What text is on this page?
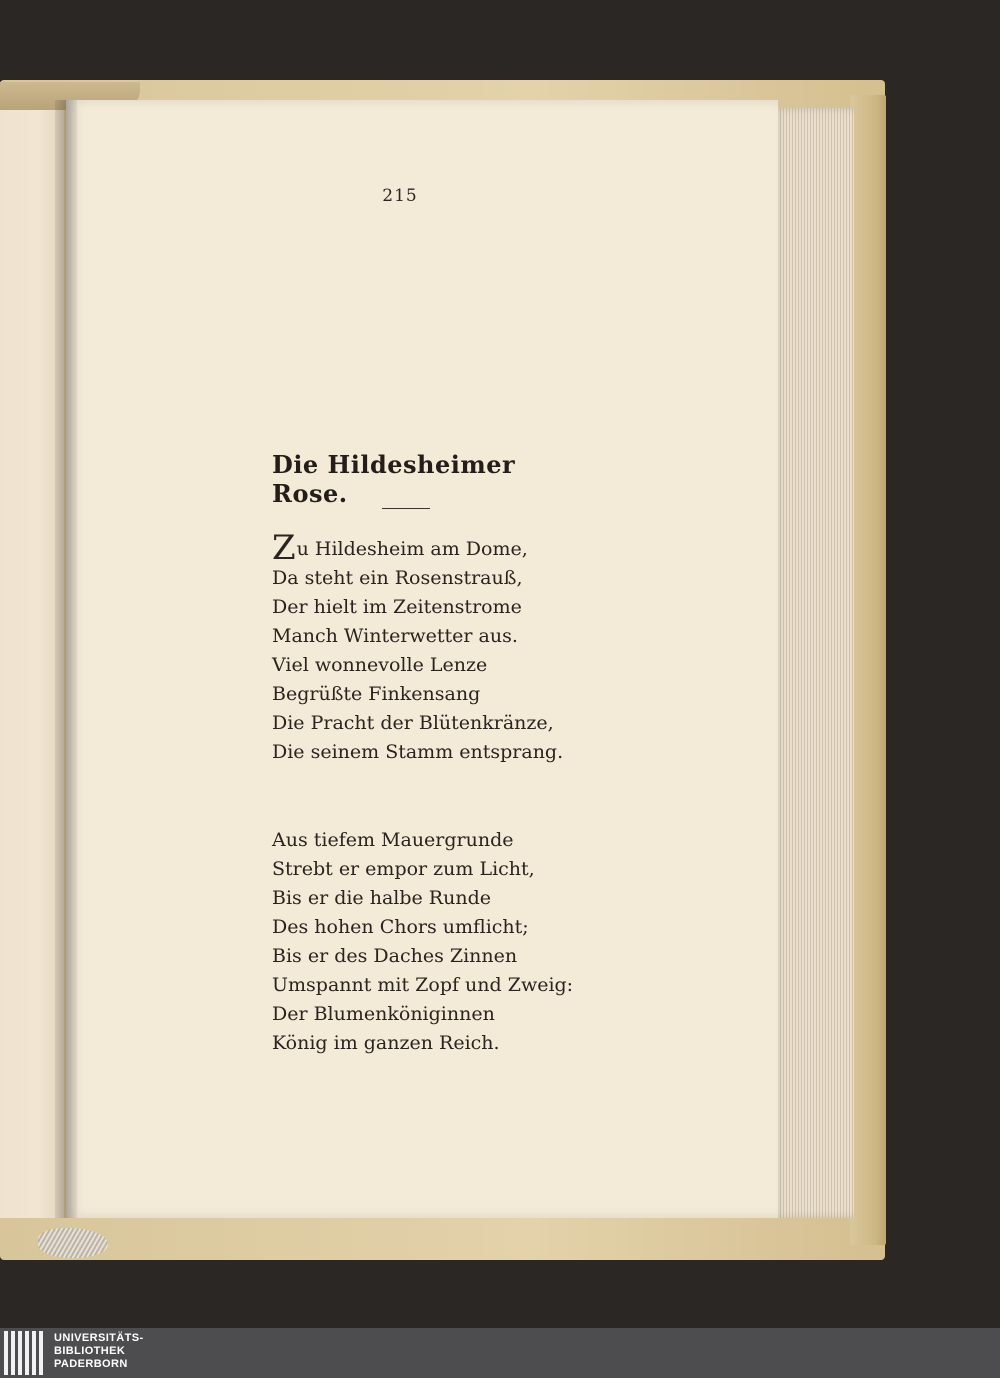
215
Die Hildesheimer Rose.
Zu Hildesheim am Dome,
Da steht ein Rosenstrauß,
Der hielt im Zeitenstrome
Manch Winterwetter aus.
Viel wonnevolle Lenze
Begrüßte Finkensang
Die Pracht der Blütenkränze,
Die seinem Stamm entsprang.
Aus tiefem Mauergrunde
Strebt er empor zum Licht,
Bis er die halbe Runde
Des hohen Chors umflicht;
Bis er des Daches Zinnen
Umspannt mit Zopf und Zweig:
Der Blumenköniginnen
König im ganzen Reich.
UNIVERSITÄTS-
BIBLIOTHEK
PADERBORN
